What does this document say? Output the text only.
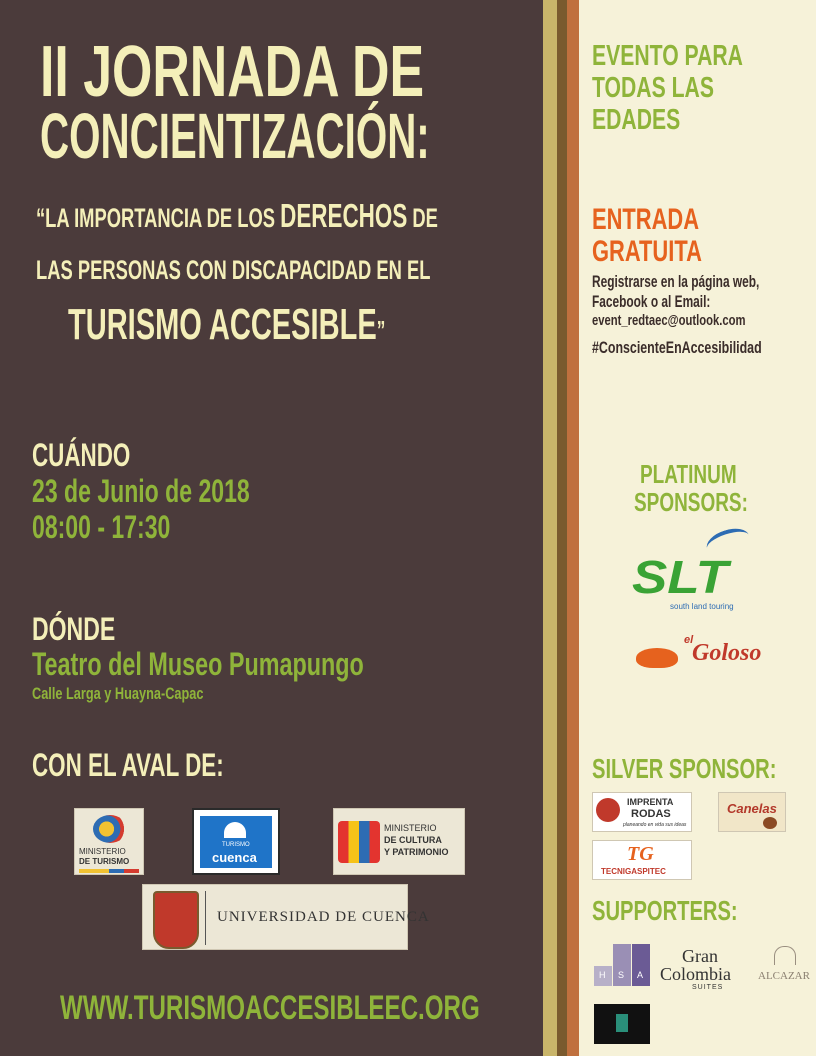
II JORNADA DE
CONCIENTIZACIÓN:
“LA IMPORTANCIA DE LOS DERECHOS DE
LAS PERSONAS CON DISCAPACIDAD EN EL
TURISMO ACCESIBLE”
CUÁNDO
23 de Junio de 2018
08:00 - 17:30
DÓNDE
Teatro del Museo Pumapungo
Calle Larga y Huayna-Capac
CON EL AVAL DE:
MINISTERIO
DE TURISMO
TURISMO
cuenca
MINISTERIO
DE CULTURA
Y PATRIMONIO
UNIVERSIDAD DE CUENCA
WWW.TURISMOACCESIBLEEC.ORG
EVENTO PARA
TODAS LAS
EDADES
ENTRADA
GRATUITA
Registrarse en la página web,
Facebook o al Email:
event_redtaec@outlook.com
#ConscienteEnAccesibilidad
PLATINUM
SPONSORS:
SLT
south land touring
el
Goloso
SILVER SPONSOR:
IMPRENTA
RODAS
planeando en vida sus ideas
Canelas
TG
TECNIGASPITEC
SUPPORTERS:
H S A
Gran
Colombia
SUITES
ALCAZAR
